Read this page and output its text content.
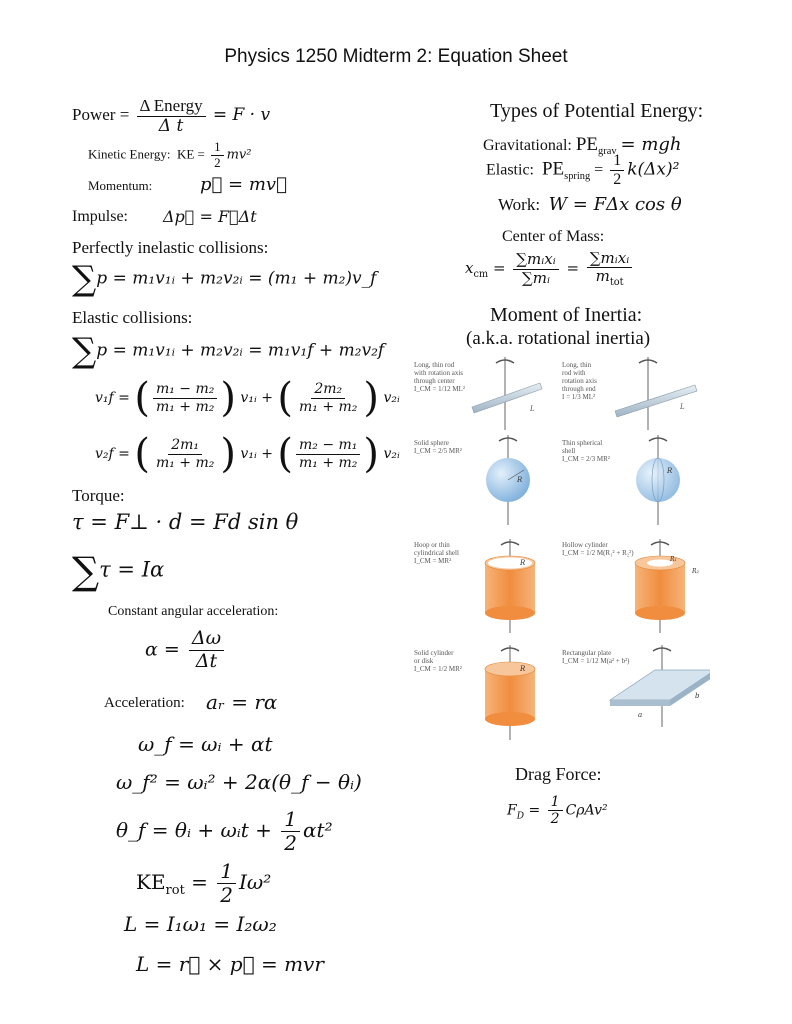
Physics 1250 Midterm 2: Equation Sheet
Power = Δ Energy
Δ t
= F · v
Kinetic Energy: KE = $\frac{1}{2} mv^2$
Momentum:	p⃗ = mv⃗
Impulse: Δp⃗ = F⃗Δt
Perfectly inelastic collisions:
∑p = m₁v₁ᵢ + m₂v₂ᵢ = (m₁ + m₂)v_f
Elastic collisions:
∑p = m₁v₁ᵢ + m₂v₂ᵢ = m₁v₁f + m₂v₂f
v₁f = ( $\frac{\text{m₁ − m₂}}{\text{m₁ + m₂}}$ ) v₁ᵢ + ( $\frac{\text{2m₂}}{\text{m₁ + m₂}}$ ) v₂ᵢ
v₂f = ( $\frac{\text{2m₁}}{\text{m₁ + m₂}}$ ) v₁ᵢ + ( $\frac{\text{m₂ − m₁}}{\text{m₁ + m₂}}$ ) v₂ᵢ
Torque:
τ = F⊥ · d = Fd sin θ
∑τ = Iα
Constant angular acceleration:
$\alpha = \frac{\Delta\omega}{\Delta t}$
Acceleration: aᵣ = rα
ω_f = ωᵢ + αt
ω_f² = ωᵢ² + 2α(θ_f − θᵢ)
θ_f = θᵢ + ωᵢt + $\frac{1}{2} \alpha t^2$
$KE_{rot} = \frac{1}{2} I\omega^2$
L = I₁ω₁ = I₂ω₂
L = r⃗ × p⃗ = mvr
Types of Potential Energy:
Gravitational: $PE_{grav}$ = mgh
Elastic: $PE_{spring} = \frac{1}{2} k(\Delta x)^2$
Work: W = FΔx cos θ
Center of Mass:
$x_{cm}$ = ∑mᵢxᵢ
∑mᵢ
=
∑mᵢxᵢ
$m_{tot}$
Moment of Inertia:
(a.k.a. rotational inertia)
Long, thin rod
with rotation axis
through center
I_CM = 1/12 ML²
Long, thin
rod with
rotation axis
through end
I = 1/3 ML²
Solid sphere
I_CM = 2/5 MR²
Thin spherical
shell
I_CM = 2/3 MR²
Hoop or thin
cylindrical shell
I_CM = MR²
Hollow cylinder
I_CM = 1/2 M(R₁² + R₂²)
Solid cylinder
or disk
I_CM = 1/2 MR²
Rectangular plate
I_CM = 1/12 M(a² + b²)
L	L
R
R
R	R₁
R₂
R
a
b
Drag Force:
$F_D = \frac{1}{2} C\rho Av^2$
